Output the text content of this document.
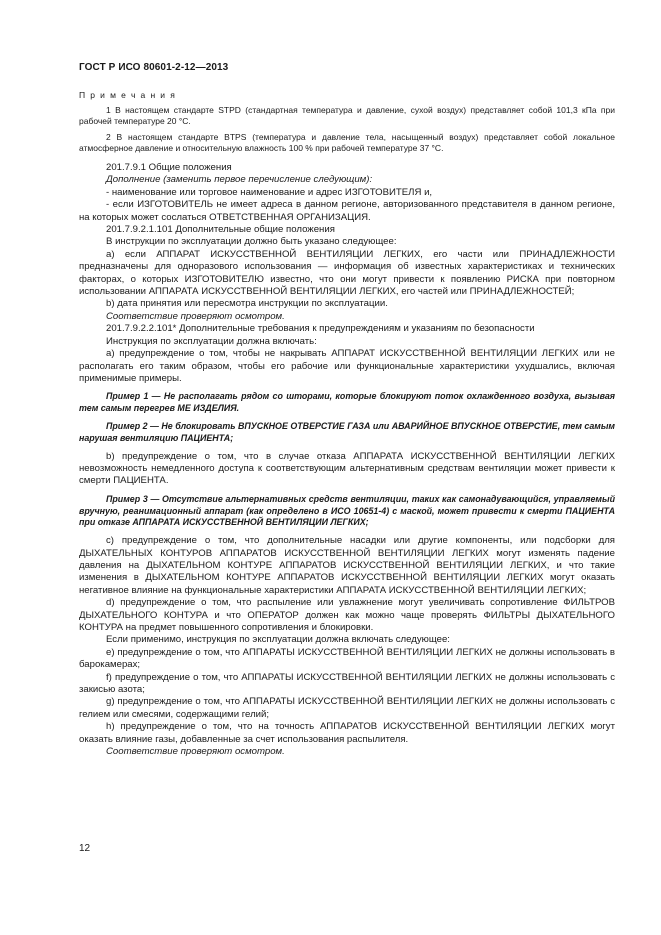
ГОСТ Р ИСО 80601-2-12—2013

П р и м е ч а н и я

1 В настоящем стандарте STPD (стандартная температура и давление, сухой воздух) представляет собой 101,3 кПа при рабочей температуре 20 °С.

2 В настоящем стандарте BTPS (температура и давление тела, насыщенный воздух) представляет собой локальное атмосферное давление и относительную влажность 100 % при рабочей температуре 37 °С.

201.7.9.1 Общие положения

Дополнение (заменить первое перечисление следующим):

- наименование или торговое наименование и адрес ИЗГОТОВИТЕЛЯ и,

- если ИЗГОТОВИТЕЛЬ не имеет адреса в данном регионе, авторизованного представителя в данном регионе, на которых может сослаться ОТВЕТСТВЕННАЯ ОРГАНИЗАЦИЯ.

201.7.9.2.1.101 Дополнительные общие положения

В инструкции по эксплуатации должно быть указано следующее:

a) если АППАРАТ ИСКУССТВЕННОЙ ВЕНТИЛЯЦИИ ЛЕГКИХ, его части или ПРИНАДЛЕЖНОСТИ предназначены для одноразового использования — информация об известных характеристиках и технических факторах, о которых ИЗГОТОВИТЕЛЮ известно, что они могут привести к появлению РИСКА при повторном использовании АППАРАТА ИСКУССТВЕННОЙ ВЕНТИЛЯЦИИ ЛЕГКИХ, его частей или ПРИНАДЛЕЖНОСТЕЙ;

b) дата принятия или пересмотра инструкции по эксплуатации.

Соответствие проверяют осмотром.

201.7.9.2.2.101* Дополнительные требования к предупреждениям и указаниям по безопасности

Инструкция по эксплуатации должна включать:

a) предупреждение о том, чтобы не накрывать АППАРАТ ИСКУССТВЕННОЙ ВЕНТИЛЯЦИИ ЛЕГКИХ или не располагать его таким образом, чтобы его рабочие или функциональные характеристики ухудшались, включая применимые примеры.

Пример 1 — Не располагать рядом со шторами, которые блокируют поток охлажденного воздуха, вызывая тем самым перегрев МЕ ИЗДЕЛИЯ.

Пример 2 — Не блокировать ВПУСКНОЕ ОТВЕРСТИЕ ГАЗА или АВАРИЙНОЕ ВПУСКНОЕ ОТВЕРСТИЕ, тем самым нарушая вентиляцию ПАЦИЕНТА;

b) предупреждение о том, что в случае отказа АППАРАТА ИСКУССТВЕННОЙ ВЕНТИЛЯЦИИ ЛЕГКИХ невозможность немедленного доступа к соответствующим альтернативным средствам вентиляции может привести к смерти ПАЦИЕНТА.

Пример 3 — Отсутствие альтернативных средств вентиляции, таких как самонадувающийся, управляемый вручную, реанимационный аппарат (как определено в ИСО 10651-4) с маской, может привести к смерти ПАЦИЕНТА при отказе АППАРАТА ИСКУССТВЕННОЙ ВЕНТИЛЯЦИИ ЛЕГКИХ;

c) предупреждение о том, что дополнительные насадки или другие компоненты, или подсборки для ДЫХАТЕЛЬНЫХ КОНТУРОВ АППАРАТОВ ИСКУССТВЕННОЙ ВЕНТИЛЯЦИИ ЛЕГКИХ могут изменять падение давления на ДЫХАТЕЛЬНОМ КОНТУРЕ АППАРАТОВ ИСКУССТВЕННОЙ ВЕНТИЛЯЦИИ ЛЕГКИХ, и что такие изменения в ДЫХАТЕЛЬНОМ КОНТУРЕ АППАРАТОВ ИСКУССТВЕННОЙ ВЕНТИЛЯЦИИ ЛЕГКИХ могут оказать негативное влияние на функциональные характеристики АППАРАТА ИСКУССТВЕННОЙ ВЕНТИЛЯЦИИ ЛЕГКИХ;

d) предупреждение о том, что распыление или увлажнение могут увеличивать сопротивление ФИЛЬТРОВ ДЫХАТЕЛЬНОГО КОНТУРА и что ОПЕРАТОР должен как можно чаще проверять ФИЛЬТРЫ ДЫХАТЕЛЬНОГО КОНТУРА на предмет повышенного сопротивления и блокировки.

Если применимо, инструкция по эксплуатации должна включать следующее:

e) предупреждение о том, что АППАРАТЫ ИСКУССТВЕННОЙ ВЕНТИЛЯЦИИ ЛЕГКИХ не должны использовать в барокамерах;

f) предупреждение о том, что АППАРАТЫ ИСКУССТВЕННОЙ ВЕНТИЛЯЦИИ ЛЕГКИХ не должны использовать с закисью азота;

g) предупреждение о том, что АППАРАТЫ ИСКУССТВЕННОЙ ВЕНТИЛЯЦИИ ЛЕГКИХ не должны использовать с гелием или смесями, содержащими гелий;

h) предупреждение о том, что на точность АППАРАТОВ ИСКУССТВЕННОЙ ВЕНТИЛЯЦИИ ЛЕГКИХ могут оказать влияние газы, добавленные за счет использования распылителя.

Соответствие проверяют осмотром.

12
